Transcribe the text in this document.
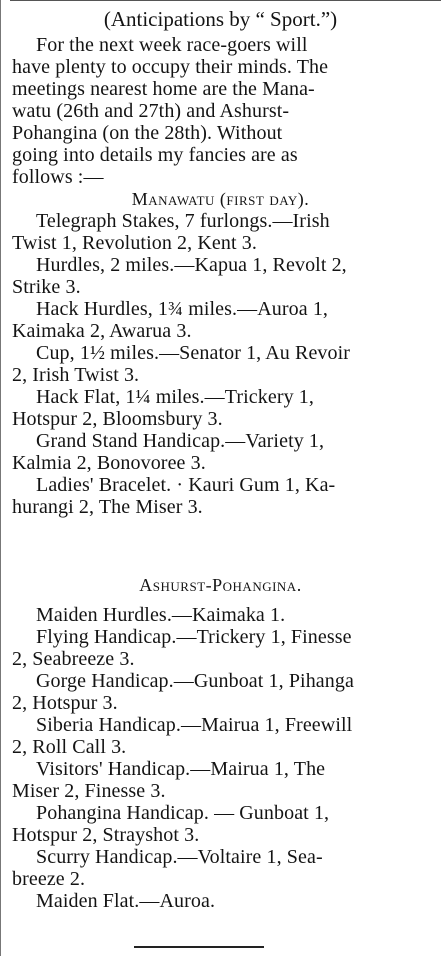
(Anticipations by “ Sport.”)
For the next week race-goers will
have plenty to occupy their minds. The
meetings nearest home are the Mana-
watu (26th and 27th) and Ashurst-
Pohangina (on the 28th). Without
going into details my fancies are as
follows :—
Manawatu (first day).
Telegraph Stakes, 7 furlongs.—Irish
Twist 1, Revolution 2, Kent 3.
Hurdles, 2 miles.—Kapua 1, Revolt 2,
Strike 3.
Hack Hurdles, 1¾ miles.—Auroa 1,
Kaimaka 2, Awarua 3.
Cup, 1½ miles.—Senator 1, Au Revoir
2, Irish Twist 3.
Hack Flat, 1¼ miles.—Trickery 1,
Hotspur 2, Bloomsbury 3.
Grand Stand Handicap.—Variety 1,
Kalmia 2, Bonovoree 3.
Ladies' Bracelet. · Kauri Gum 1, Ka-
hurangi 2, The Miser 3.
Ashurst-Pohangina.
Maiden Hurdles.—Kaimaka 1.
Flying Handicap.—Trickery 1, Finesse
2, Seabreeze 3.
Gorge Handicap.—Gunboat 1, Pihanga
2, Hotspur 3.
Siberia Handicap.—Mairua 1, Freewill
2, Roll Call 3.
Visitors' Handicap.—Mairua 1, The
Miser 2, Finesse 3.
Pohangina Handicap. — Gunboat 1,
Hotspur 2, Strayshot 3.
Scurry Handicap.—Voltaire 1, Sea-
breeze 2.
Maiden Flat.—Auroa.
